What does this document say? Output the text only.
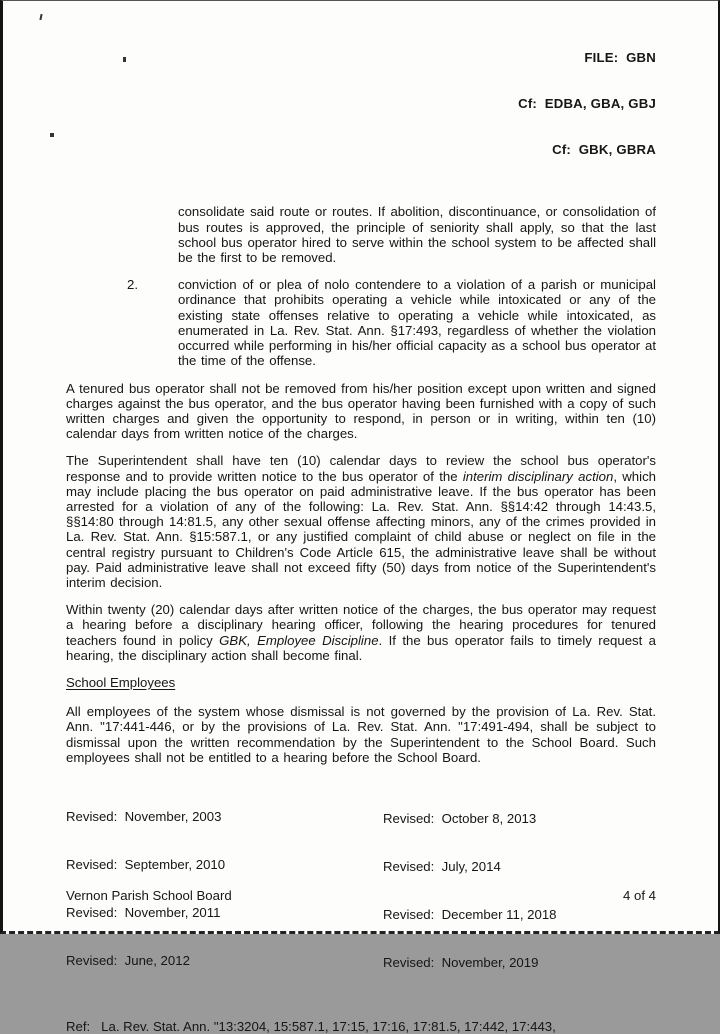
FILE:  GBN

Cf:  EDBA, GBA, GBJ

Cf:  GBK, GBRA

consolidate said route or routes. If abolition, discontinuance, or consolidation of bus routes is approved, the principle of seniority shall apply, so that the last school bus operator hired to serve within the school system to be affected shall be the first to be removed.

2.	conviction of or plea of nolo contendere to a violation of a parish or municipal ordinance that prohibits operating a vehicle while intoxicated or any of the existing state offenses relative to operating a vehicle while intoxicated, as enumerated in La. Rev. Stat. Ann. §17:493, regardless of whether the violation occurred while performing in his/her official capacity as a school bus operator at the time of the offense.

A tenured bus operator shall not be removed from his/her position except upon written and signed charges against the bus operator, and the bus operator having been furnished with a copy of such written charges and given the opportunity to respond, in person or in writing, within ten (10) calendar days from written notice of the charges.

The Superintendent shall have ten (10) calendar days to review the school bus operator's response and to provide written notice to the bus operator of the interim disciplinary action, which may include placing the bus operator on paid administrative leave. If the bus operator has been arrested for a violation of any of the following: La. Rev. Stat. Ann. §§14:42 through 14:43.5, §§14:80 through 14:81.5, any other sexual offense affecting minors, any of the crimes provided in La. Rev. Stat. Ann. §15:587.1, or any justified complaint of child abuse or neglect on file in the central registry pursuant to Children's Code Article 615, the administrative leave shall be without pay. Paid administrative leave shall not exceed fifty (50) days from notice of the Superintendent's interim decision.

Within twenty (20) calendar days after written notice of the charges, the bus operator may request a hearing before a disciplinary hearing officer, following the hearing procedures for tenured teachers found in policy GBK, Employee Discipline. If the bus operator fails to timely request a hearing, the disciplinary action shall become final.

School Employees

All employees of the system whose dismissal is not governed by the provision of La. Rev. Stat. Ann. "17:441-446, or by the provisions of La. Rev. Stat. Ann. "17:491-494, shall be subject to dismissal upon the written recommendation by the Superintendent to the School Board. Such employees shall not be entitled to a hearing before the School Board.

Revised:  November, 2003

Revised:  September, 2010

Revised:  November, 2011

Revised:  June, 2012

Revised:  October 8, 2013

Revised:  July, 2014

Revised:  December 11, 2018

Revised:  November, 2019

Ref:   La. Rev. Stat. Ann. "13:3204, 15:587.1, 17:15, 17:16, 17:81.5, 17:442, 17:443,

Vernon Parish School Board	4 of 4
